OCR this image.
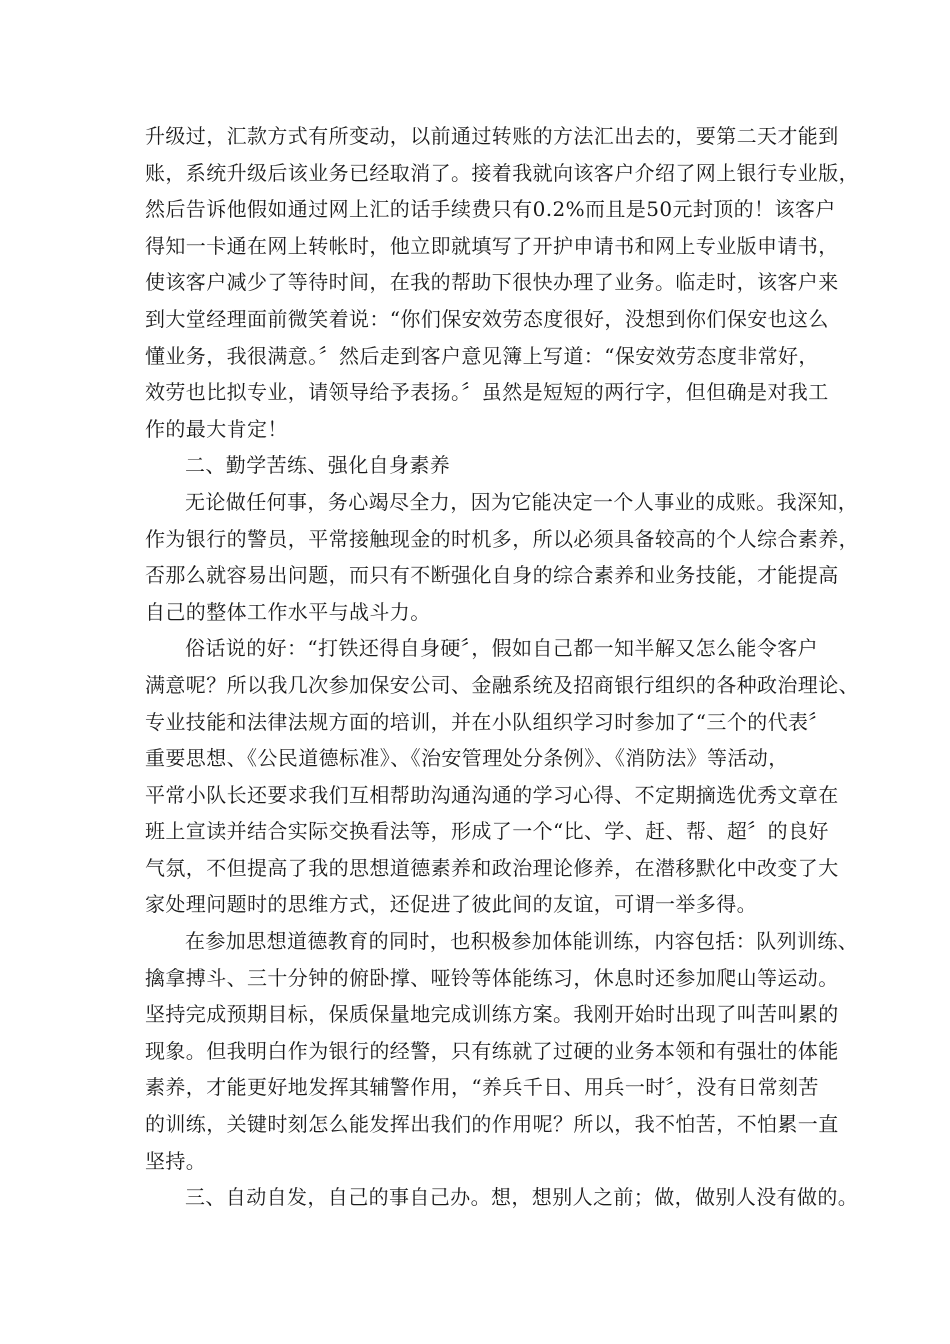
升级过，汇款方式有所变动，以前通过转账的方法汇出去的，要第二天才能到
账，系统升级后该业务已经取消了。接着我就向该客户介绍了网上银行专业版，
然后告诉他假如通过网上汇的话手续费只有0.2%而且是50元封顶的！该客户
得知一卡通在网上转帐时，他立即就填写了开护申请书和网上专业版申请书，
使该客户减少了等待时间，在我的帮助下很快办理了业务。临走时，该客户来
到大堂经理面前微笑着说：“你们保安效劳态度很好，没想到你们保安也这么
懂业务，我很满意。〞然后走到客户意见簿上写道：“保安效劳态度非常好，
效劳也比拟专业，请领导给予表扬。〞虽然是短短的两行字，但但确是对我工
作的最大肯定！
二、勤学苦练、强化自身素养
无论做任何事，务心竭尽全力，因为它能决定一个人事业的成账。我深知，
作为银行的警员，平常接触现金的时机多，所以必须具备较高的个人综合素养，
否那么就容易出问题，而只有不断强化自身的综合素养和业务技能，才能提高
自己的整体工作水平与战斗力。
俗话说的好：“打铁还得自身硬〞，假如自己都一知半解又怎么能令客户
满意呢？所以我几次参加保安公司、金融系统及招商银行组织的各种政治理论、
专业技能和法律法规方面的培训，并在小队组织学习时参加了“三个的代表〞
重要思想、《公民道德标准》、《治安管理处分条例》、《消防法》等活动，
平常小队长还要求我们互相帮助沟通沟通的学习心得、不定期摘选优秀文章在
班上宣读并结合实际交换看法等，形成了一个“比、学、赶、帮、超〞的良好
气氛，不但提高了我的思想道德素养和政治理论修养，在潜移默化中改变了大
家处理问题时的思维方式，还促进了彼此间的友谊，可谓一举多得。
在参加思想道德教育的同时，也积极参加体能训练，内容包括：队列训练、
擒拿搏斗、三十分钟的俯卧撑、哑铃等体能练习，休息时还参加爬山等运动。
坚持完成预期目标，保质保量地完成训练方案。我刚开始时出现了叫苦叫累的
现象。但我明白作为银行的经警，只有练就了过硬的业务本领和有强壮的体能
素养，才能更好地发挥其辅警作用，“养兵千日、用兵一时〞，没有日常刻苦
的训练，关键时刻怎么能发挥出我们的作用呢？所以，我不怕苦，不怕累一直
坚持。
三、自动自发，自己的事自己办。想，想别人之前；做，做别人没有做的。
